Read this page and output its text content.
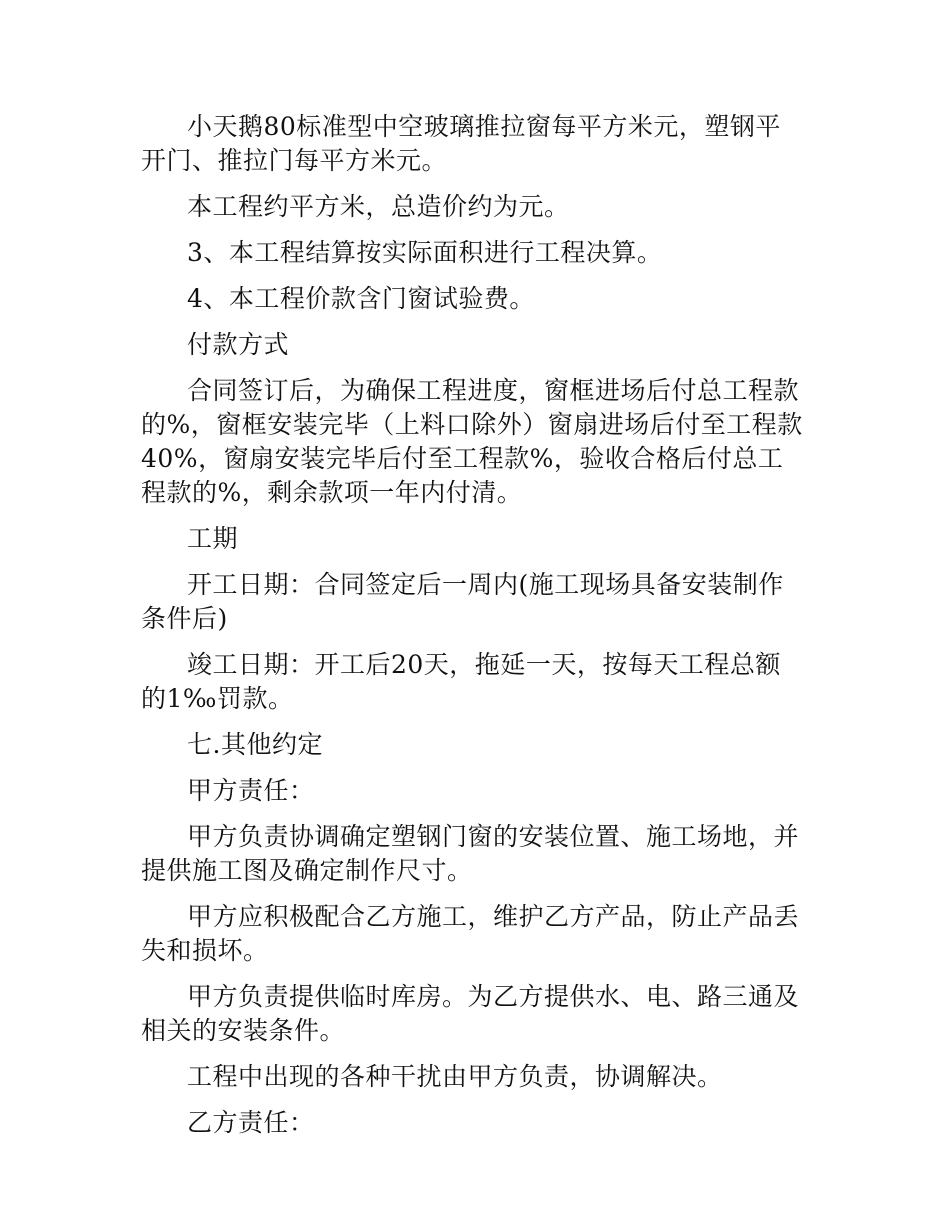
小天鹅80标准型中空玻璃推拉窗每平方米元，塑钢平开门、推拉门每平方米元。

本工程约平方米，总造价约为元。

3、本工程结算按实际面积进行工程决算。

4、本工程价款含门窗试验费。

付款方式

合同签订后，为确保工程进度，窗框进场后付总工程款的%，窗框安装完毕（上料口除外）窗扇进场后付至工程款40%，窗扇安装完毕后付至工程款%，验收合格后付总工程款的%，剩余款项一年内付清。

工期

开工日期：合同签定后一周内(施工现场具备安装制作条件后)

竣工日期：开工后20天，拖延一天，按每天工程总额的1‰罚款。

七.其他约定

甲方责任：

甲方负责协调确定塑钢门窗的安装位置、施工场地，并提供施工图及确定制作尺寸。

甲方应积极配合乙方施工，维护乙方产品，防止产品丢失和损坏。

甲方负责提供临时库房。为乙方提供水、电、路三通及相关的安装条件。

工程中出现的各种干扰由甲方负责，协调解决。

乙方责任：
